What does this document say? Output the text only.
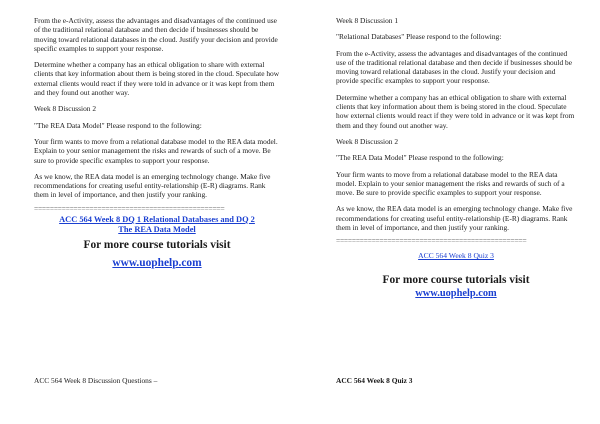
From the e-Activity, assess the advantages and disadvantages of the continued use of the traditional relational database and then decide if businesses should be moving toward relational databases in the cloud. Justify your decision and provide specific examples to support your response.

Determine whether a company has an ethical obligation to share with external clients that key information about them is being stored in the cloud. Speculate how external clients would react if they were told in advance or it was kept from them and they found out another way.

Week 8 Discussion 2

"The REA Data Model" Please respond to the following:

Your firm wants to move from a relational database model to the REA data model. Explain to your senior management the risks and rewards of such of a move. Be sure to provide specific examples to support your response.

As we know, the REA data model is an emerging technology change. Make five recommendations for creating useful entity-relationship (E-R) diagrams. Rank them in level of importance, and then justify your ranking.

================================================
ACC 564 Week 8 DQ 1 Relational Databases and DQ 2
The REA Data Model
For more course tutorials visit
www.uophelp.com
ACC 564 Week 8 Discussion Questions –

Week 8 Discussion 1

"Relational Databases" Please respond to the following:

From the e-Activity, assess the advantages and disadvantages of the continued use of the traditional relational database and then decide if businesses should be moving toward relational databases in the cloud. Justify your decision and provide specific examples to support your response.

Determine whether a company has an ethical obligation to share with external clients that key information about them is being stored in the cloud. Speculate how external clients would react if they were told in advance or it was kept from them and they found out another way.

Week 8 Discussion 2

"The REA Data Model" Please respond to the following:

Your firm wants to move from a relational database model to the REA data model. Explain to your senior management the risks and rewards of such of a move. Be sure to provide specific examples to support your response.

As we know, the REA data model is an emerging technology change. Make five recommendations for creating useful entity-relationship (E-R) diagrams. Rank them in level of importance, and then justify your ranking.

================================================
ACC 564 Week 8 Quiz 3
For more course tutorials visit
www.uophelp.com
ACC 564 Week 8 Quiz 3
